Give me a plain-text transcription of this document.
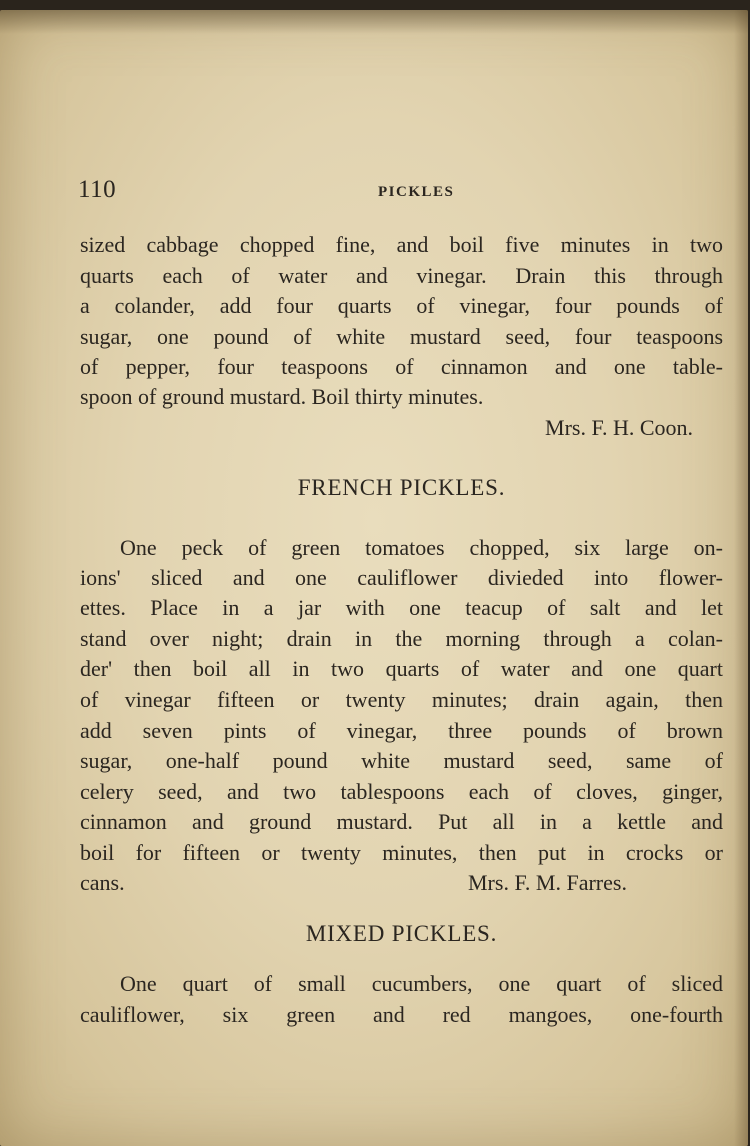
110	PICKLES
sized cabbage chopped fine, and boil five minutes in two
quarts each of water and vinegar. Drain this through
a colander, add four quarts of vinegar, four pounds of
sugar, one pound of white mustard seed, four teaspoons
of pepper, four teaspoons of cinnamon and one table-
spoon of ground mustard. Boil thirty minutes.
Mrs. F. H. Coon.
FRENCH PICKLES.
One peck of green tomatoes chopped, six large on-
ions' sliced and one cauliflower divieded into flower-
ettes. Place in a jar with one teacup of salt and let
stand over night; drain in the morning through a colan-
der' then boil all in two quarts of water and one quart
of vinegar fifteen or twenty minutes; drain again, then
add seven pints of vinegar, three pounds of brown
sugar, one-half pound white mustard seed, same of
celery seed, and two tablespoons each of cloves, ginger,
cinnamon and ground mustard. Put all in a kettle and
boil for fifteen or twenty minutes, then put in crocks or
cans.	Mrs. F. M. Farres.
MIXED PICKLES.
One quart of small cucumbers, one quart of sliced
cauliflower, six green and red mangoes, one-fourth
